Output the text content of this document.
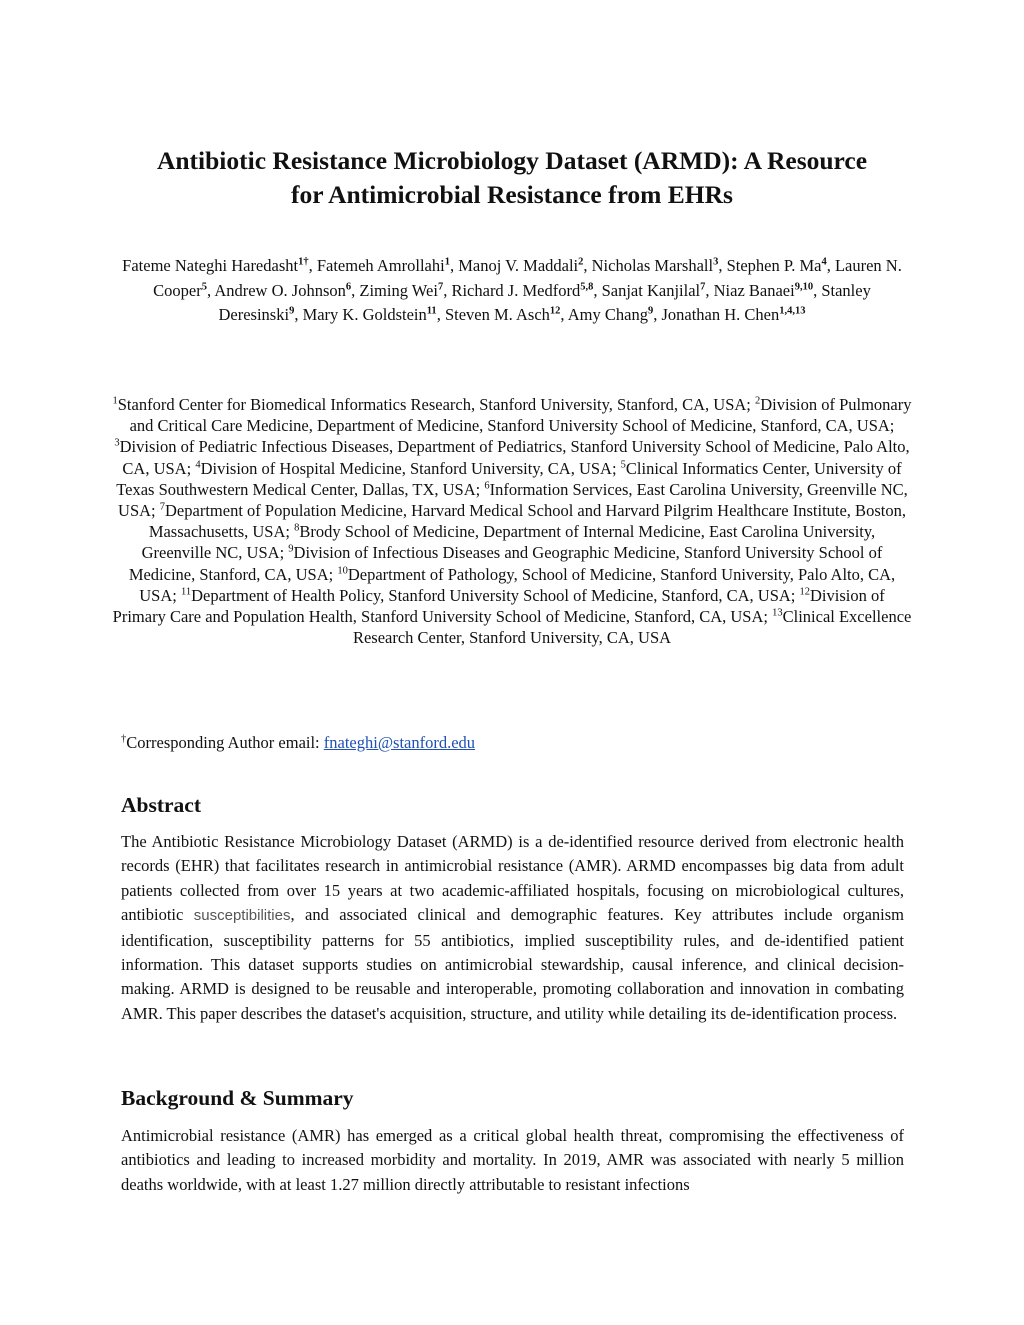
Antibiotic Resistance Microbiology Dataset (ARMD): A Resource
for Antimicrobial Resistance from EHRs

Fateme Nateghi Haredasht$^{1\dagger}$, Fatemeh Amrollahi$^1$, Manoj V. Maddali$^2$, Nicholas Marshall$^3$, Stephen P. Ma$^4$, Lauren N. Cooper$^5$, Andrew O. Johnson$^6$, Ziming Wei$^7$, Richard J. Medford$^{5,8}$, Sanjat Kanjilal$^7$, Niaz Banaei$^{9,10}$, Stanley Deresinski$^9$, Mary K. Goldstein$^{11}$, Steven M. Asch$^{12}$, Amy Chang$^9$, Jonathan H. Chen$^{1,4,13}$

$^1$Stanford Center for Biomedical Informatics Research, Stanford University, Stanford, CA, USA; $^2$Division of Pulmonary and Critical Care Medicine, Department of Medicine, Stanford University School of Medicine, Stanford, CA, USA; $^3$Division of Pediatric Infectious Diseases, Department of Pediatrics, Stanford University School of Medicine, Palo Alto, CA, USA; $^4$Division of Hospital Medicine, Stanford University, CA, USA; $^5$Clinical Informatics Center, University of Texas Southwestern Medical Center, Dallas, TX, USA; $^6$Information Services, East Carolina University, Greenville NC, USA; $^7$Department of Population Medicine, Harvard Medical School and Harvard Pilgrim Healthcare Institute, Boston, Massachusetts, USA; $^8$Brody School of Medicine, Department of Internal Medicine, East Carolina University, Greenville NC, USA; $^9$Division of Infectious Diseases and Geographic Medicine, Stanford University School of Medicine, Stanford, CA, USA; $^{10}$Department of Pathology, School of Medicine, Stanford University, Palo Alto, CA, USA; $^{11}$Department of Health Policy, Stanford University School of Medicine, Stanford, CA, USA; $^{12}$Division of Primary Care and Population Health, Stanford University School of Medicine, Stanford, CA, USA; $^{13}$Clinical Excellence Research Center, Stanford University, CA, USA

†Corresponding Author email: fnateghi@stanford.edu

Abstract

The Antibiotic Resistance Microbiology Dataset (ARMD) is a de-identified resource derived from electronic health records (EHR) that facilitates research in antimicrobial resistance (AMR). ARMD encompasses big data from adult patients collected from over 15 years at two academic-affiliated hospitals, focusing on microbiological cultures, antibiotic susceptibilities, and associated clinical and demographic features. Key attributes include organism identification, susceptibility patterns for 55 antibiotics, implied susceptibility rules, and de-identified patient information. This dataset supports studies on antimicrobial stewardship, causal inference, and clinical decision-making. ARMD is designed to be reusable and interoperable, promoting collaboration and innovation in combating AMR. This paper describes the dataset's acquisition, structure, and utility while detailing its de-identification process.

Background & Summary

Antimicrobial resistance (AMR) has emerged as a critical global health threat, compromising the effectiveness of antibiotics and leading to increased morbidity and mortality. In 2019, AMR was associated with nearly 5 million deaths worldwide, with at least 1.27 million directly attributable to resistant infections
